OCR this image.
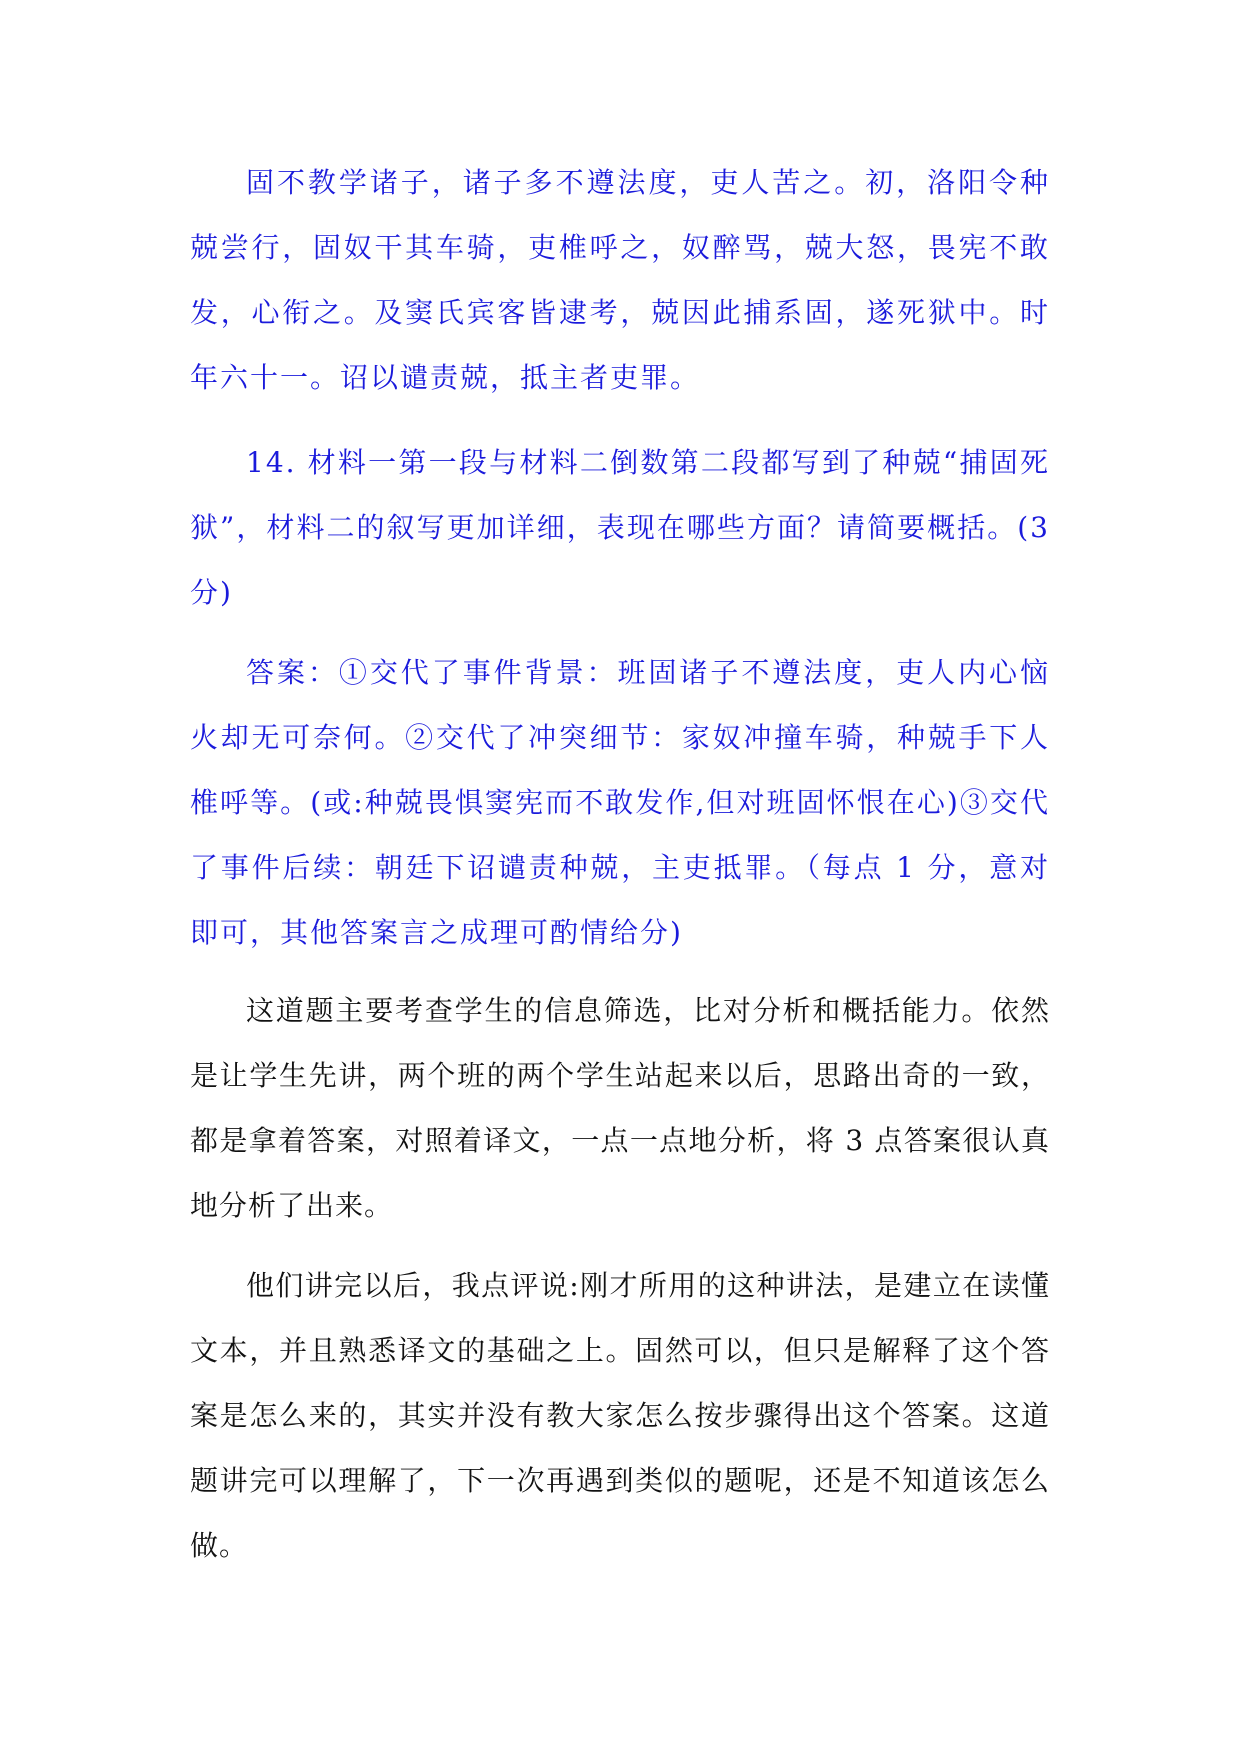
固不教学诸子，诸子多不遵法度，吏人苦之。初，洛阳令种兢尝行，固奴干其车骑，吏椎呼之，奴醉骂，兢大怒，畏宪不敢发，心衔之。及窦氏宾客皆逮考，兢因此捕系固，遂死狱中。时年六十一。诏以谴责兢，抵主者吏罪。

14. 材料一第一段与材料二倒数第二段都写到了种兢“捕固死狱”，材料二的叙写更加详细，表现在哪些方面？请简要概括。(3分)

答案：①交代了事件背景：班固诸子不遵法度，吏人内心恼火却无可奈何。②交代了冲突细节：家奴冲撞车骑，种兢手下人椎呼等。(或:种兢畏惧窦宪而不敢发作,但对班固怀恨在心)③交代了事件后续：朝廷下诏谴责种兢，主吏抵罪。（每点 1 分，意对即可，其他答案言之成理可酌情给分)

这道题主要考查学生的信息筛选，比对分析和概括能力。依然是让学生先讲，两个班的两个学生站起来以后，思路出奇的一致，都是拿着答案，对照着译文，一点一点地分析，将 3 点答案很认真地分析了出来。

他们讲完以后，我点评说:刚才所用的这种讲法，是建立在读懂文本，并且熟悉译文的基础之上。固然可以，但只是解释了这个答案是怎么来的，其实并没有教大家怎么按步骤得出这个答案。这道题讲完可以理解了，下一次再遇到类似的题呢，还是不知道该怎么做。
